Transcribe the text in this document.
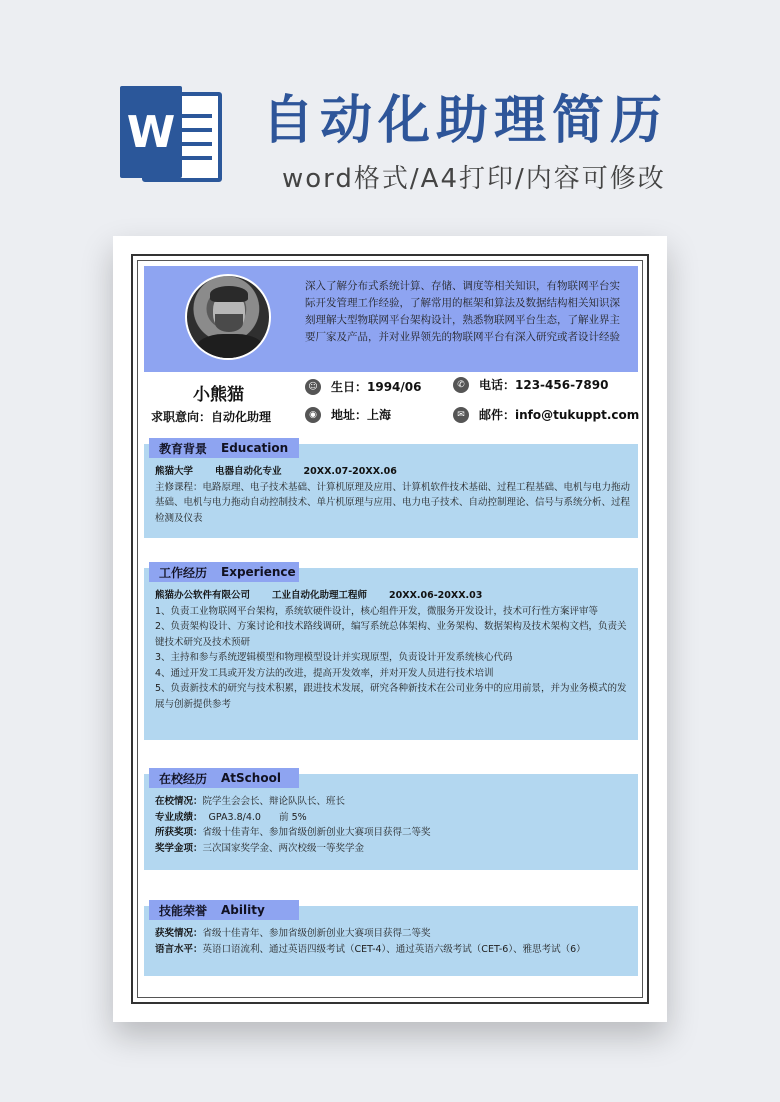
W 自动化助理简历
word格式/A4打印/内容可修改
深入了解分布式系统计算、存储、调度等相关知识，有物联网平台实际开发管理工作经验，了解常用的框架和算法及数据结构相关知识深刻理解大型物联网平台架构设计，熟悉物联网平台生态，了解业界主要厂家及产品，并对业界领先的物联网平台有深入研究或者设计经验
小熊猫
求职意向：自动化助理
☺ 生日：1994/06	✆	电话：123-456-7890
◉	地址：上海	✉	邮件：info@tukuppt.com
教育背景 Education
熊猫大学 电器自动化专业 20XX.07-20XX.06
主修课程：电路原理、电子技术基础、计算机原理及应用、计算机软件技术基础、过程工程基础、电机与电力拖动基础、电机与电力拖动自动控制技术、单片机原理与应用、电力电子技术、自动控制理论、信号与系统分析、过程检测及仪表
工作经历 Experience
熊猫办公软件有限公司 工业自动化助理工程师 20XX.06-20XX.03
1、负责工业物联网平台架构，系统软硬件设计，核心组件开发，微服务开发设计，技术可行性方案评审等
2、负责架构设计、方案讨论和技术路线调研，编写系统总体架构、业务架构、数据架构及技术架构文档，负责关键技术研究及技术预研
3、主持和参与系统逻辑模型和物理模型设计并实现原型，负责设计开发系统核心代码
4、通过开发工具或开发方法的改进，提高开发效率，并对开发人员进行技术培训
5、负责新技术的研究与技术积累，跟进技术发展，研究各种新技术在公司业务中的应用前景，并为业务模式的发展与创新提供参考
在校经历 AtSchool
在校情况：院学生会会长、辩论队队长、班长
专业成绩：  GPA3.8/4.0      前 5%
所获奖项：省级十佳青年、参加省级创新创业大赛项目获得二等奖
奖学金项：三次国家奖学金、两次校级一等奖学金
技能荣誉 Ability
获奖情况：省级十佳青年、参加省级创新创业大赛项目获得二等奖
语言水平：英语口语流利、通过英语四级考试（CET-4）、通过英语六级考试（CET-6）、雅思考试（6）
